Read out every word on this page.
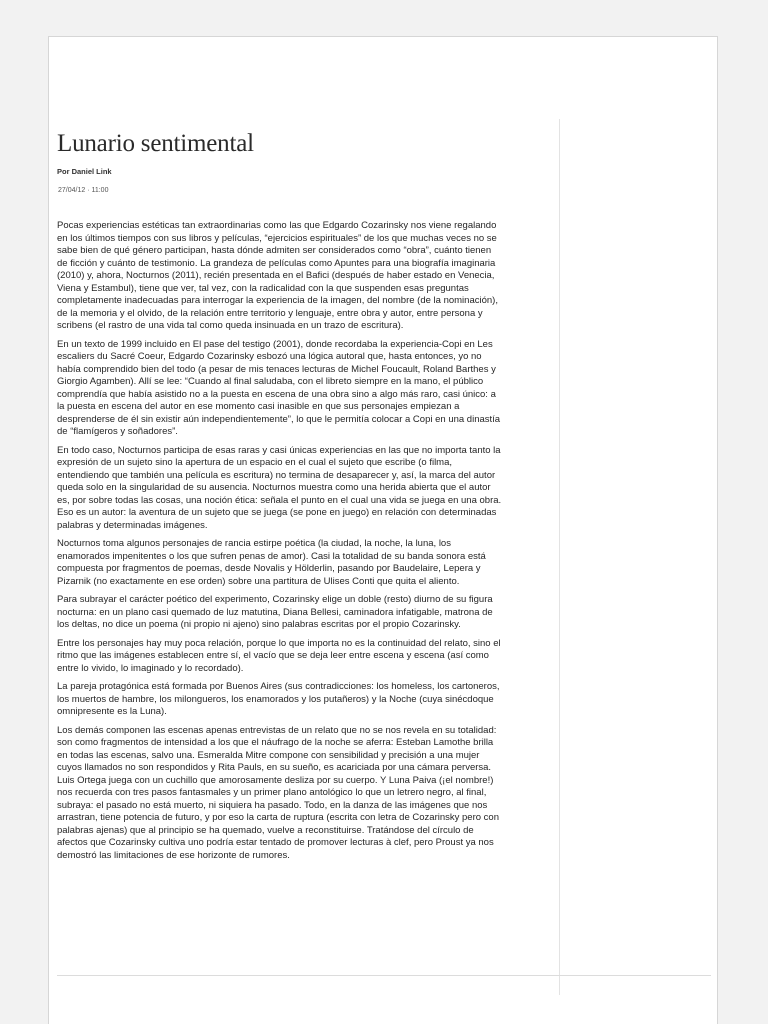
Lunario sentimental
Por Daniel Link
27/04/12 · 11:00

Pocas experiencias estéticas tan extraordinarias como las que Edgardo Cozarinsky nos viene regalando en los últimos tiempos con sus libros y películas, “ejercicios espirituales” de los que muchas veces no se sabe bien de qué género participan, hasta dónde admiten ser considerados como “obra”, cuánto tienen de ficción y cuánto de testimonio. La grandeza de películas como Apuntes para una biografía imaginaria (2010) y, ahora, Nocturnos (2011), recién presentada en el Bafici (después de haber estado en Venecia, Viena y Estambul), tiene que ver, tal vez, con la radicalidad con la que suspenden esas preguntas completamente inadecuadas para interrogar la experiencia de la imagen, del nombre (de la nominación), de la memoria y el olvido, de la relación entre territorio y lenguaje, entre obra y autor, entre persona y scribens (el rastro de una vida tal como queda insinuada en un trazo de escritura).

En un texto de 1999 incluido en El pase del testigo (2001), donde recordaba la experiencia-Copi en Les escaliers du Sacré Coeur, Edgardo Cozarinsky esbozó una lógica autoral que, hasta entonces, yo no había comprendido bien del todo (a pesar de mis tenaces lecturas de Michel Foucault, Roland Barthes y Giorgio Agamben). Allí se lee: “Cuando al final saludaba, con el libreto siempre en la mano, el público comprendía que había asistido no a la puesta en escena de una obra sino a algo más raro, casi único: a la puesta en escena del autor en ese momento casi inasible en que sus personajes empiezan a desprenderse de él sin existir aún independientemente”, lo que le permitía colocar a Copi en una dinastía de “flamígeros y soñadores”.

En todo caso, Nocturnos participa de esas raras y casi únicas experiencias en las que no importa tanto la expresión de un sujeto sino la apertura de un espacio en el cual el sujeto que escribe (o filma, entendiendo que también una película es escritura) no termina de desaparecer y, así, la marca del autor queda solo en la singularidad de su ausencia. Nocturnos muestra como una herida abierta que el autor es, por sobre todas las cosas, una noción ética: señala el punto en el cual una vida se juega en una obra. Eso es un autor: la aventura de un sujeto que se juega (se pone en juego) en relación con determinadas palabras y determinadas imágenes.

Nocturnos toma algunos personajes de rancia estirpe poética (la ciudad, la noche, la luna, los enamorados impenitentes o los que sufren penas de amor). Casi la totalidad de su banda sonora está compuesta por fragmentos de poemas, desde Novalis y Hölderlin, pasando por Baudelaire, Lepera y Pizarnik (no exactamente en ese orden) sobre una partitura de Ulises Conti que quita el aliento.

Para subrayar el carácter poético del experimento, Cozarinsky elige un doble (resto) diurno de su figura nocturna: en un plano casi quemado de luz matutina, Diana Bellesi, caminadora infatigable, matrona de los deltas, no dice un poema (ni propio ni ajeno) sino palabras escritas por el propio Cozarinsky.

Entre los personajes hay muy poca relación, porque lo que importa no es la continuidad del relato, sino el ritmo que las imágenes establecen entre sí, el vacío que se deja leer entre escena y escena (así como entre lo vivido, lo imaginado y lo recordado).

La pareja protagónica está formada por Buenos Aires (sus contradicciones: los homeless, los cartoneros, los muertos de hambre, los milongueros, los enamorados y los putañeros) y la Noche (cuya sinécdoque omnipresente es la Luna).

Los demás componen las escenas apenas entrevistas de un relato que no se nos revela en su totalidad: son como fragmentos de intensidad a los que el náufrago de la noche se aferra: Esteban Lamothe brilla en todas las escenas, salvo una. Esmeralda Mitre compone con sensibilidad y precisión a una mujer cuyos llamados no son respondidos y Rita Pauls, en su sueño, es acariciada por una cámara perversa. Luis Ortega juega con un cuchillo que amorosamente desliza por su cuerpo. Y Luna Paiva (¡el nombre!) nos recuerda con tres pasos fantasmales y un primer plano antológico lo que un letrero negro, al final, subraya: el pasado no está muerto, ni siquiera ha pasado. Todo, en la danza de las imágenes que nos arrastran, tiene potencia de futuro, y por eso la carta de ruptura (escrita con letra de Cozarinsky pero con palabras ajenas) que al principio se ha quemado, vuelve a reconstituirse. Tratándose del círculo de afectos que Cozarinsky cultiva uno podría estar tentado de promover lecturas à clef, pero Proust ya nos demostró las limitaciones de ese horizonte de rumores.
